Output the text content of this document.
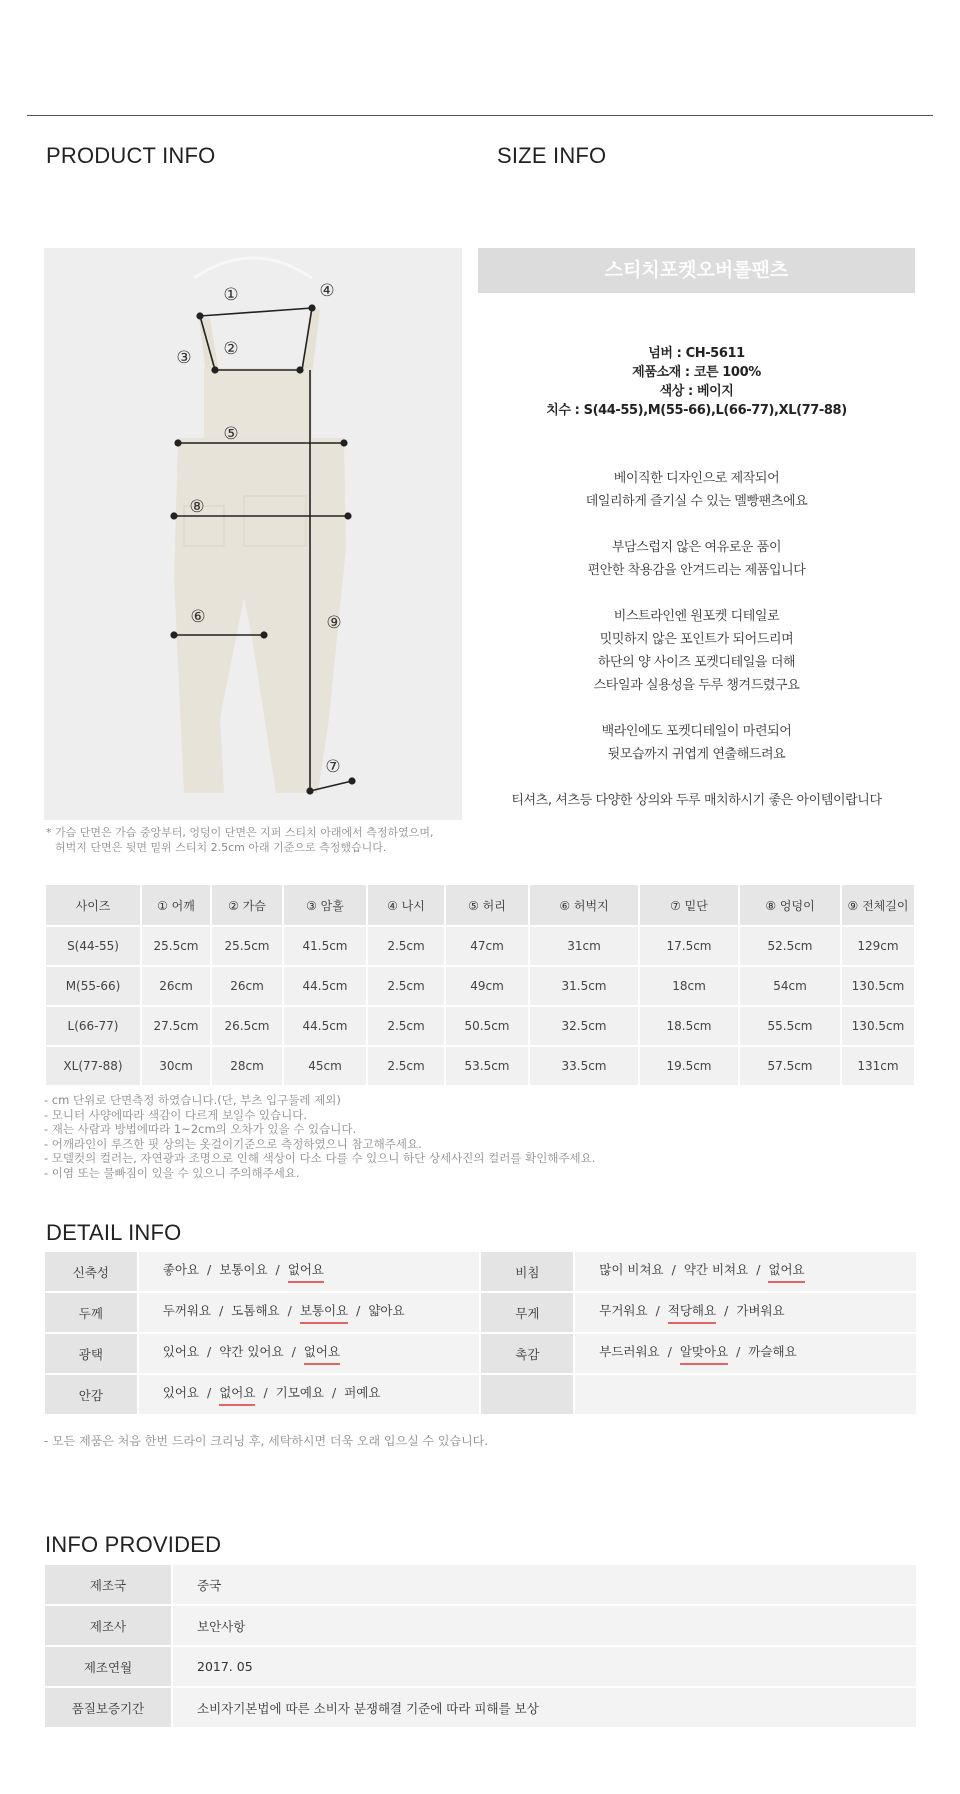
PRODUCT INFO	SIZE INFO
①
②
③
④
⑤
⑥
⑦
⑧
⑨
* 가슴 단면은 가슴 중앙부터, 엉덩이 단면은 지퍼 스티치 아래에서 측정하였으며,
허벅지 단면은 뒷면 밑위 스티치 2.5cm 아래 기준으로 측정했습니다.
스티치포켓오버롤팬츠
넘버 : CH-5611
제품소재 : 코튼 100%
색상 : 베이지
치수 : S(44-55),M(55-66),L(66-77),XL(77-88)
베이직한 디자인으로 제작되어
데일리하게 즐기실 수 있는 멜빵팬츠에요
부담스럽지 않은 여유로운 품이
편안한 착용감을 안겨드리는 제품입니다
비스트라인엔 원포켓 디테일로
밋밋하지 않은 포인트가 되어드리며
하단의 양 사이즈 포켓디테일을 더해
스타일과 실용성을 두루 챙겨드렸구요
백라인에도 포켓디테일이 마련되어
뒷모습까지 귀엽게 연출해드려요
티셔츠, 셔츠등 다양한 상의와 두루 매치하시기 좋은 아이템이랍니다
사이즈	① 어깨	② 가슴	③ 암홀	④ 나시	⑤ 허리	⑥ 허벅지	⑦ 밑단	⑧ 엉덩이	⑨ 전체길이
S(44-55)	25.5cm	25.5cm	41.5cm	2.5cm	47cm	31cm	17.5cm	52.5cm	129cm
M(55-66)	26cm	26cm	44.5cm	2.5cm	49cm	31.5cm	18cm	54cm	130.5cm
L(66-77)	27.5cm	26.5cm	44.5cm	2.5cm	50.5cm	32.5cm	18.5cm	55.5cm	130.5cm
XL(77-88)	30cm	28cm	45cm	2.5cm	53.5cm	33.5cm	19.5cm	57.5cm	131cm
- cm 단위로 단면측정 하였습니다.(단, 부츠 입구둘레 제외)
- 모니터 사양에따라 색감이 다르게 보일수 있습니다.
- 재는 사람과 방법에따라 1~2cm의 오차가 있을 수 있습니다.
- 어깨라인이 루즈한 핏 상의는 옷걸이기준으로 측정하였으니 참고해주세요.
- 모델컷의 컬러는, 자연광과 조명으로 인해 색상이 다소 다를 수 있으니 하단 상세사진의 컬러를 확인해주세요.
- 이염 또는 물빠짐이 있을 수 있으니 주의해주세요.
DETAIL INFO
신축성	좋아요 / 보통이요 / 없어요	비침	많이 비쳐요 / 약간 비쳐요 / 없어요
두께	두꺼워요 / 도톰해요 / 보통이요 / 얇아요	무게	무거워요 / 적당해요 / 가벼워요
광택	있어요 / 약간 있어요 / 없어요	촉감	부드러워요 / 알맞아요 / 까슬해요
안감	있어요 / 없어요 / 기모예요 / 퍼예요		
- 모든 제품은 처음 한번 드라이 크리닝 후, 세탁하시면 더욱 오래 입으실 수 있습니다.
INFO PROVIDED
제조국	중국
제조사	보안사항
제조연월	2017. 05
품질보증기간	소비자기본법에 따른 소비자 분쟁해결 기준에 따라 피해를 보상
